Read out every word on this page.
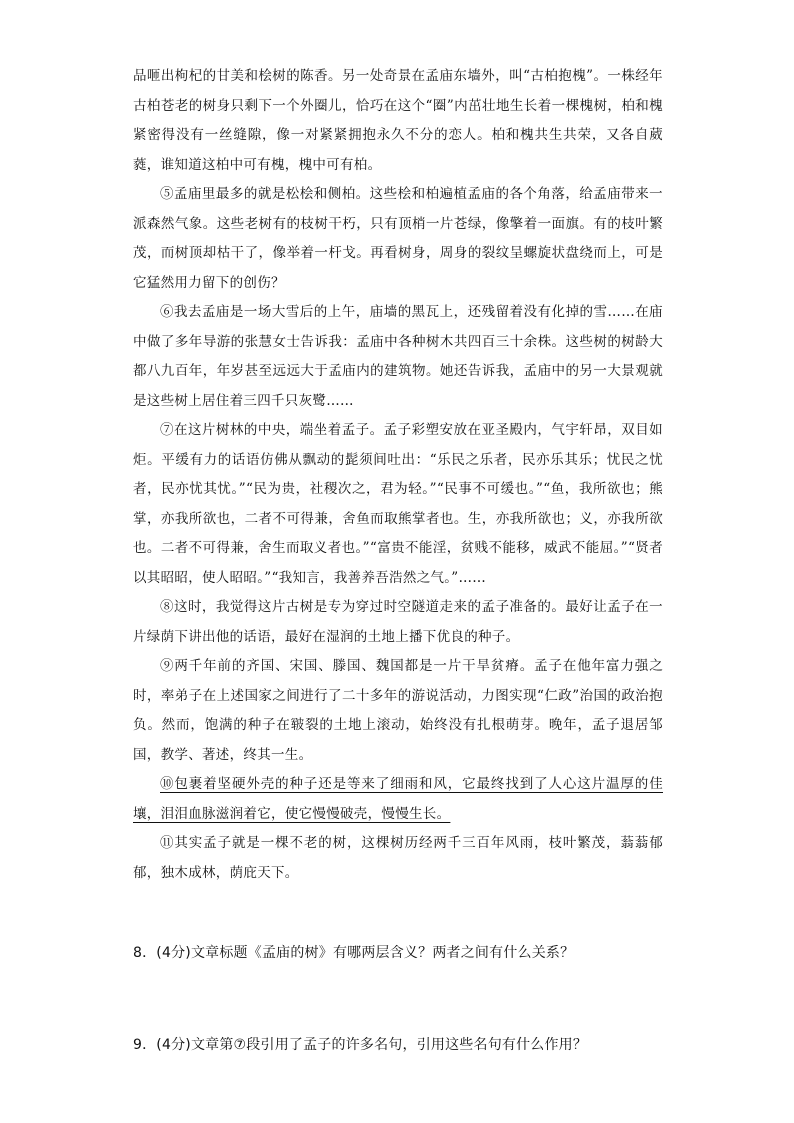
品咂出枸杞的甘美和桧树的陈香。另一处奇景在孟庙东墙外，叫“古柏抱槐”。一株经年古柏苍老的树身只剩下一个外圈儿，恰巧在这个“圈”内茁壮地生长着一棵槐树，柏和槐紧密得没有一丝缝隙，像一对紧紧拥抱永久不分的恋人。柏和槐共生共荣，又各自葳蕤，谁知道这柏中可有槐，槐中可有柏。

⑤孟庙里最多的就是松桧和侧柏。这些桧和柏遍植孟庙的各个角落，给孟庙带来一派森然气象。这些老树有的枝树干朽，只有顶梢一片苍绿，像擎着一面旗。有的枝叶繁茂，而树顶却枯干了，像举着一杆戈。再看树身，周身的裂纹呈螺旋状盘绕而上，可是它猛然用力留下的创伤？

⑥我去孟庙是一场大雪后的上午，庙墙的黑瓦上，还残留着没有化掉的雪……在庙中做了多年导游的张慧女士告诉我：孟庙中各种树木共四百三十余株。这些树的树龄大都八九百年，年岁甚至远远大于孟庙内的建筑物。她还告诉我，孟庙中的另一大景观就是这些树上居住着三四千只灰鹭……

⑦在这片树林的中央，端坐着孟子。孟子彩塑安放在亚圣殿内，气宇轩昂，双目如炬。平缓有力的话语仿佛从飘动的髭须间吐出：“乐民之乐者，民亦乐其乐；忧民之忧者，民亦忧其忧。”“民为贵，社稷次之，君为轻。”“民事不可缓也。”“鱼，我所欲也；熊掌，亦我所欲也，二者不可得兼，舍鱼而取熊掌者也。生，亦我所欲也；义，亦我所欲也。二者不可得兼，舍生而取义者也。”“富贵不能淫，贫贱不能移，威武不能屈。”“贤者以其昭昭，使人昭昭。”“我知言，我善养吾浩然之气。”……

⑧这时，我觉得这片古树是专为穿过时空隧道走来的孟子准备的。最好让孟子在一片绿荫下讲出他的话语，最好在湿润的土地上播下优良的种子。

⑨两千年前的齐国、宋国、滕国、魏国都是一片干旱贫瘠。孟子在他年富力强之时，率弟子在上述国家之间进行了二十多年的游说活动，力图实现“仁政”治国的政治抱负。然而，饱满的种子在皲裂的土地上滚动，始终没有扎根萌芽。晚年，孟子退居邹国，教学、著述，终其一生。

⑩包裹着坚硬外壳的种子还是等来了细雨和风，它最终找到了人心这片温厚的佳壤，泪泪血脉滋润着它，使它慢慢破壳，慢慢生长。

⑪其实孟子就是一棵不老的树，这棵树历经两千三百年风雨，枝叶繁茂，蓊蓊郁郁，独木成林，荫庇天下。

8．(4分)文章标题《孟庙的树》有哪两层含义？两者之间有什么关系？
9．(4分)文章第⑦段引用了孟子的许多名句，引用这些名句有什么作用？
